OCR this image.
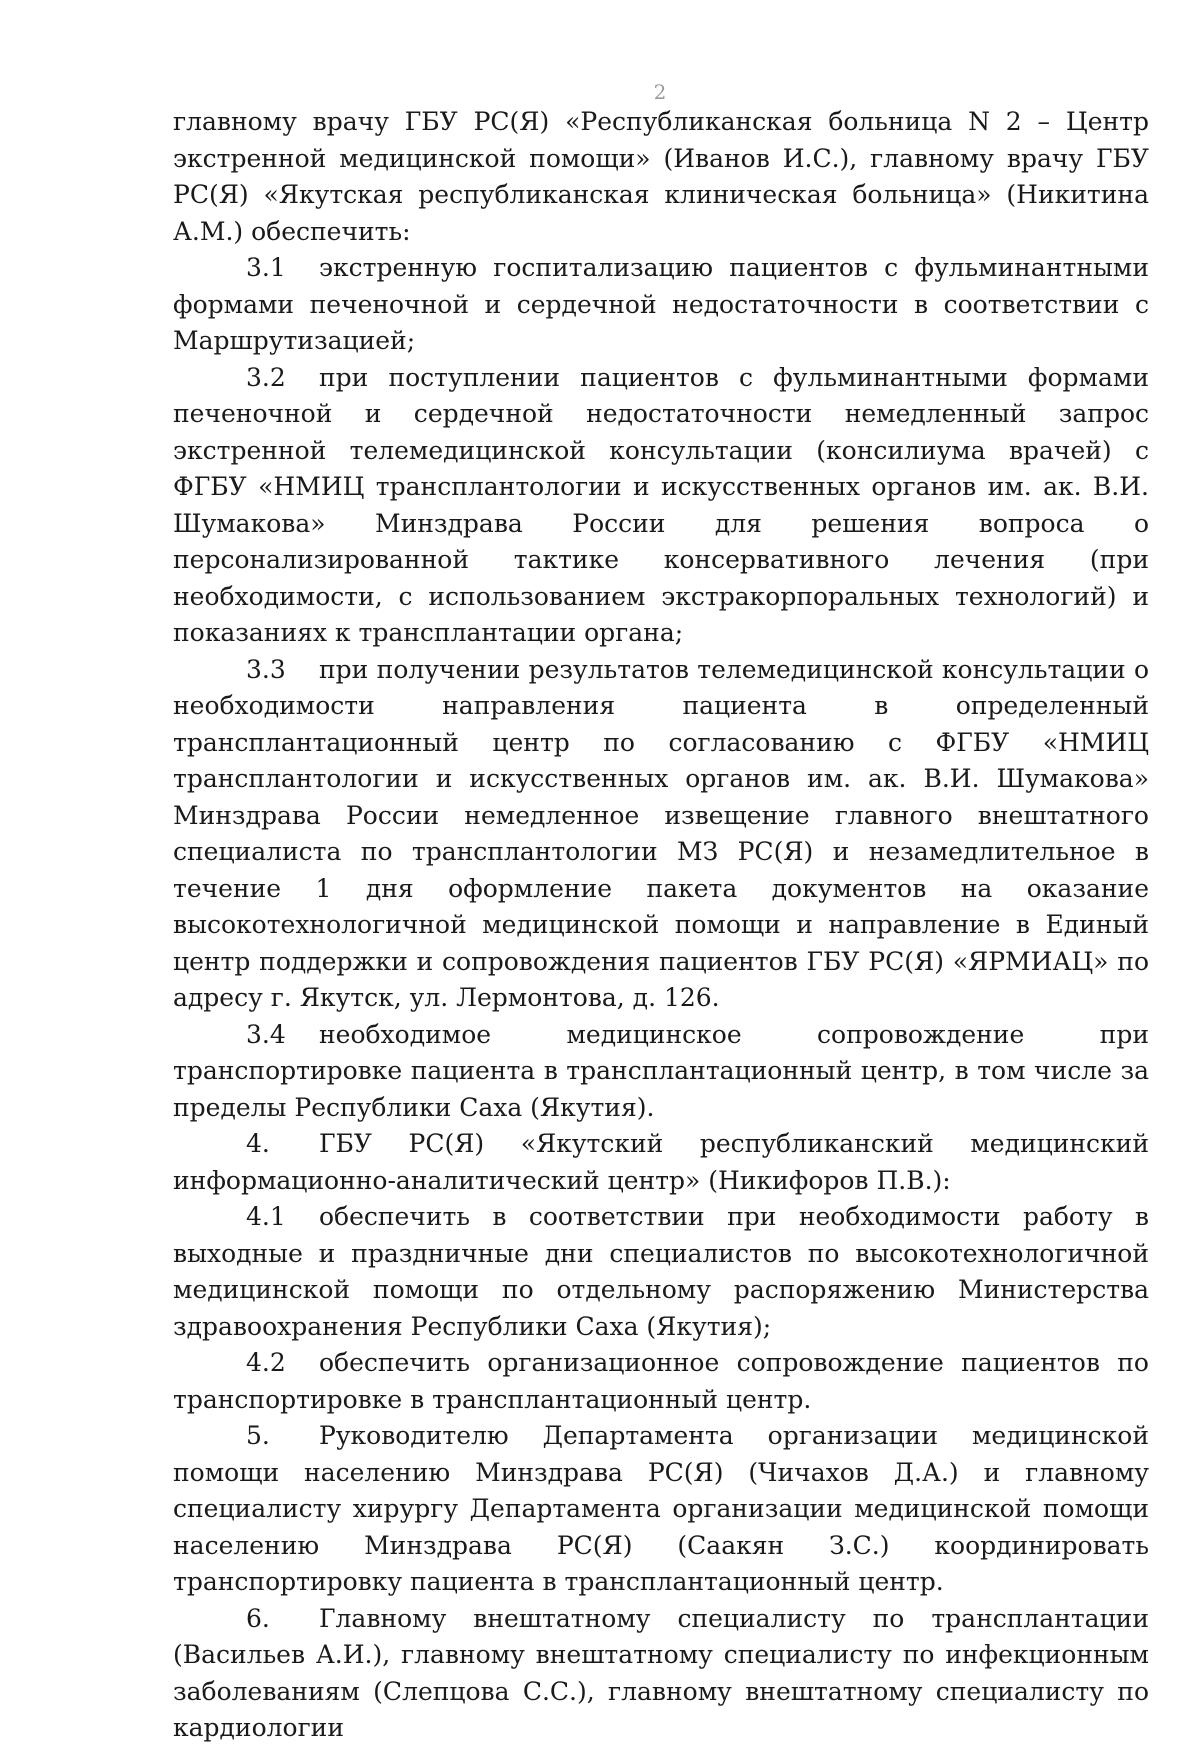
2

главному врачу ГБУ РС(Я) «Республиканская больница N 2 – Центр экстренной медицинской помощи» (Иванов И.С.), главному врачу ГБУ РС(Я) «Якутская республиканская клиническая больница» (Никитина А.М.) обеспечить:

3.1 экстренную госпитализацию пациентов с фульминантными формами печеночной и сердечной недостаточности в соответствии с Маршрутизацией;

3.2 при поступлении пациентов с фульминантными формами печеночной и сердечной недостаточности немедленный запрос экстренной телемедицинской консультации (консилиума врачей) с ФГБУ «НМИЦ трансплантологии и искусственных органов им. ак. В.И. Шумакова» Минздрава России для решения вопроса о персонализированной тактике консервативного лечения (при необходимости, с использованием экстракорпоральных технологий) и показаниях к трансплантации органа;

3.3 при получении результатов телемедицинской консультации о необходимости направления пациента в определенный трансплантационный центр по согласованию с ФГБУ «НМИЦ трансплантологии и искусственных органов им. ак. В.И. Шумакова» Минздрава России немедленное извещение главного внештатного специалиста по трансплантологии МЗ РС(Я) и незамедлительное в течение 1 дня оформление пакета документов на оказание высокотехнологичной медицинской помощи и направление в Единый центр поддержки и сопровождения пациентов ГБУ РС(Я) «ЯРМИАЦ» по адресу г. Якутск, ул. Лермонтова, д. 126.

3.4 необходимое медицинское сопровождение при транспортировке пациента в трансплантационный центр, в том числе за пределы Республики Саха (Якутия).

4. ГБУ РС(Я) «Якутский республиканский медицинский информационно-аналитический центр» (Никифоров П.В.):

4.1 обеспечить в соответствии при необходимости работу в выходные и праздничные дни специалистов по высокотехнологичной медицинской помощи по отдельному распоряжению Министерства здравоохранения Республики Саха (Якутия);

4.2 обеспечить организационное сопровождение пациентов по транспортировке в трансплантационный центр.

5. Руководителю Департамента организации медицинской помощи населению Минздрава РС(Я) (Чичахов Д.А.) и главному специалисту хирургу Департамента организации медицинской помощи населению Минздрава РС(Я) (Саакян З.С.) координировать транспортировку пациента в трансплантационный центр.

6. Главному внештатному специалисту по трансплантации (Васильев А.И.), главному внештатному специалисту по инфекционным заболеваниям (Слепцова С.С.), главному внештатному специалисту по кардиологии
